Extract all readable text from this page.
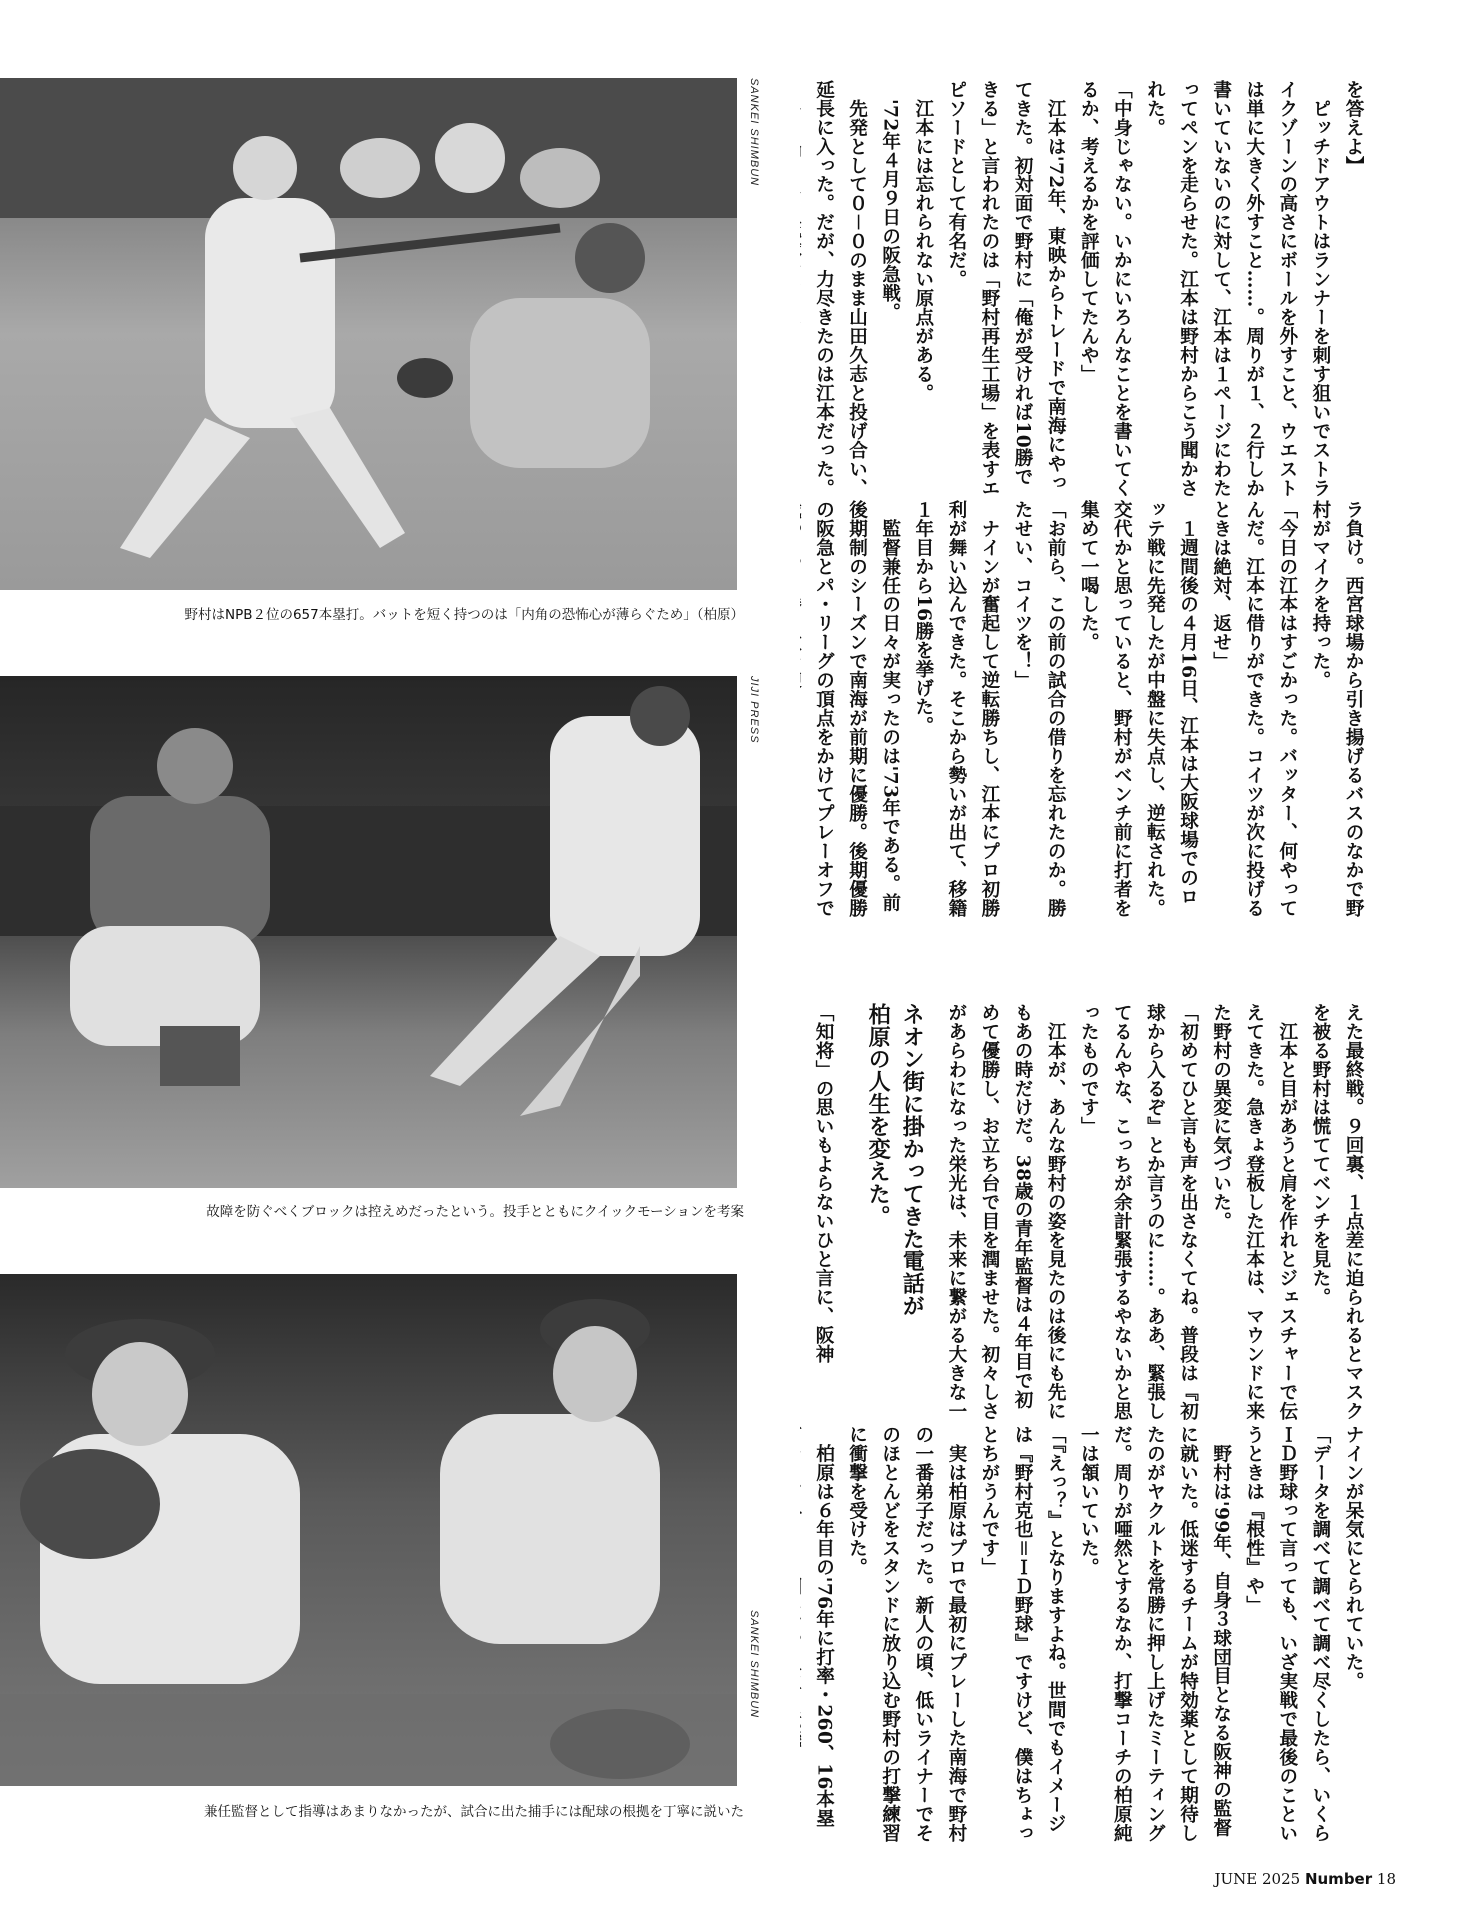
SANKEI SHIMBUN
野村はNPB２位の657本塁打。バットを短く持つのは「内角の恐怖心が薄らぐため」（柏原）
JIJI PRESS
故障を防ぐべくブロックは控えめだったという。投手とともにクイックモーションを考案
SANKEI SHIMBUN
兼任監督として指導はあまりなかったが、試合に出た捕手には配球の根拠を丁寧に説いた
を答えよ】
　ピッチドアウトはランナーを刺す狙いでストライクゾーンの高さにボールを外すこと、ウエストは単に大きく外すこと……。周りが１、２行しか書いていないのに対して、江本は１ページにわたってペンを走らせた。江本は野村からこう聞かされた。
「中身じゃない。いかにいろんなことを書いてくるか、考えるかを評価してたんや」
　江本は'72年、東映からトレードで南海にやってきた。初対面で野村に「俺が受ければ10勝できる」と言われたのは「野村再生工場」を表すエピソードとして有名だ。
　江本には忘れられない原点がある。
　'72年４月９日の阪急戦。
　先発として０－０のまま山田久志と投げ合い、延長に入った。だが、力尽きたのは江本だった。
ラ負け。西宮球場から引き揚げるバスのなかで野村がマイクを持った。
「今日の江本はすごかった。バッター、何やってんだ。江本に借りができた。コイツが次に投げるときは絶対、返せ」
　１週間後の４月16日、江本は大阪球場でのロッテ戦に先発したが中盤に失点し、逆転された。交代かと思っていると、野村がベンチ前に打者を集めて一喝した。
「お前ら、この前の試合の借りを忘れたのか。勝たせい、コイツを！」
　ナインが奮起して逆転勝ちし、江本にプロ初勝利が舞い込んできた。そこから勢いが出て、移籍１年目から16勝を挙げた。
　監督兼任の日々が実ったのは'73年である。前後期制のシーズンで南海が前期に優勝。後期優勝の阪急とパ・リーグの頂点をかけてプレーオフで
えた最終戦。９回裏、１点差に迫られるとマスクを被る野村は慌ててベンチを見た。
　江本と目があうと肩を作れとジェスチャーで伝えてきた。急きょ登板した江本は、マウンドに来た野村の異変に気づいた。
「初めてひと言も声を出さなくてね。普段は『初球から入るぞ』とか言うのに……。ああ、緊張してるんやな、こっちが余計緊張するやないかと思ったものです」
　江本が、あんな野村の姿を見たのは後にも先にもあの時だけだ。38歳の青年監督は４年目で初めて優勝し、お立ち台で目を潤ませた。初々しさがあらわになった栄光は、未来に繋がる大きな一
ネオン街に掛かってきた電話が
柏原の人生を変えた。
「知将」の思いもよらないひと言に、阪神
ナインが呆気にとられていた。
「データを調べて調べて調べ尽くしたら、いくらＩＤ野球って言っても、いざ実戦で最後のこというときは『根性』や」
　野村は'99年、自身３球団目となる阪神の監督に就いた。低迷するチームが特効薬として期待したのがヤクルトを常勝に押し上げたミーティングだ。周りが唖然とするなか、打撃コーチの柏原純一は頷いていた。
「『えっ？』となりますよね。世間でもイメージは『野村克也＝ＩＤ野球』ですけど、僕はちょっとちがうんです」
　実は柏原はプロで最初にプレーした南海で野村の一番弟子だった。新人の頃、低いライナーでそのほとんどをスタンドに放り込む野村の打撃練習に衝撃を受けた。
　柏原は６年目の'76年に打率・260、16本塁
JUNE 2025 Number 18
